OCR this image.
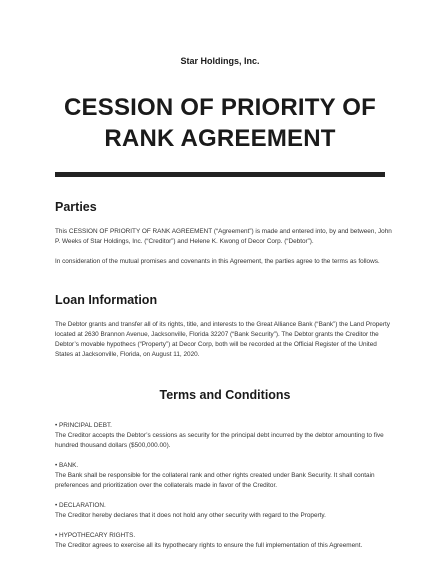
Star Holdings, Inc.
CESSION OF PRIORITY OF RANK AGREEMENT
Parties

This CESSION OF PRIORITY OF RANK AGREEMENT (“Agreement”) is made and entered into, by and between, John P. Weeks of Star Holdings, Inc. (“Creditor”) and Helene K. Kwong of Decor Corp. (“Debtor”).

In consideration of the mutual promises and covenants in this Agreement, the parties agree to the terms as follows.

Loan Information

The Debtor grants and transfer all of its rights, title, and interests to the Great Alliance Bank (“Bank”) the Land Property located at 2630 Brannon Avenue, Jacksonville, Florida 32207 (“Bank Security”). The Debtor grants the Creditor the Debtor’s movable hypothecs (“Property”) at Decor Corp, both will be recorded at the Official Register of the United States at Jacksonville, Florida, on August 11, 2020.

Terms and Conditions

• PRINCIPAL DEBT.

The Creditor accepts the Debtor’s cessions as security for the principal debt incurred by the debtor amounting to five hundred thousand dollars ($500,000.00).

• BANK.

The Bank shall be responsible for the collateral rank and other rights created under Bank Security. It shall contain preferences and prioritization over the collaterals made in favor of the Creditor.

• DECLARATION.

The Creditor hereby declares that it does not hold any other security with regard to the Property.

• HYPOTHECARY RIGHTS.

The Creditor agrees to exercise all its hypothecary rights to ensure the full implementation of this Agreement.
